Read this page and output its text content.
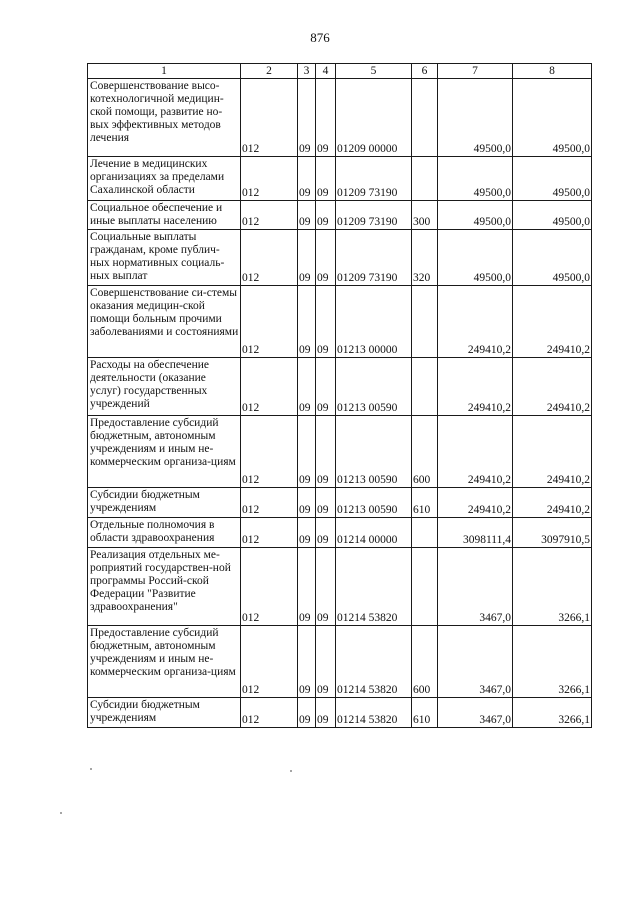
876
1	2	3	4	5	6	7	8
Совершенствование высо-котехнологичной медицин-ской помощи, развитие но-вых эффективных методов лечения	012	09	09	01209 00000		49500,0	49500,0
Лечение в медицинских организациях за пределами Сахалинской области	012	09	09	01209 73190		49500,0	49500,0
Социальное обеспечение и иные выплаты населению	012	09	09	01209 73190	300	49500,0	49500,0
Социальные выплаты гражданам, кроме публич-ных нормативных социаль-ных выплат	012	09	09	01209 73190	320	49500,0	49500,0
Совершенствование си-стемы оказания медицин-ской помощи больным прочими заболеваниями и состояниями	012	09	09	01213 00000		249410,2	249410,2
Расходы на обеспечение деятельности (оказание услуг) государственных учреждений	012	09	09	01213 00590		249410,2	249410,2
Предоставление субсидий бюджетным, автономным учреждениям и иным не-коммерческим организа-циям	012	09	09	01213 00590	600	249410,2	249410,2
Субсидии бюджетным учреждениям	012	09	09	01213 00590	610	249410,2	249410,2
Отдельные полномочия в области здравоохранения	012	09	09	01214 00000		3098111,4	3097910,5
Реализация отдельных ме-роприятий государствен-ной программы Россий-ской Федерации "Развитие здравоохранения"	012	09	09	01214 53820		3467,0	3266,1
Предоставление субсидий бюджетным, автономным учреждениям и иным не-коммерческим организа-циям	012	09	09	01214 53820	600	3467,0	3266,1
Субсидии бюджетным учреждениям	012	09	09	01214 53820	610	3467,0	3266,1
